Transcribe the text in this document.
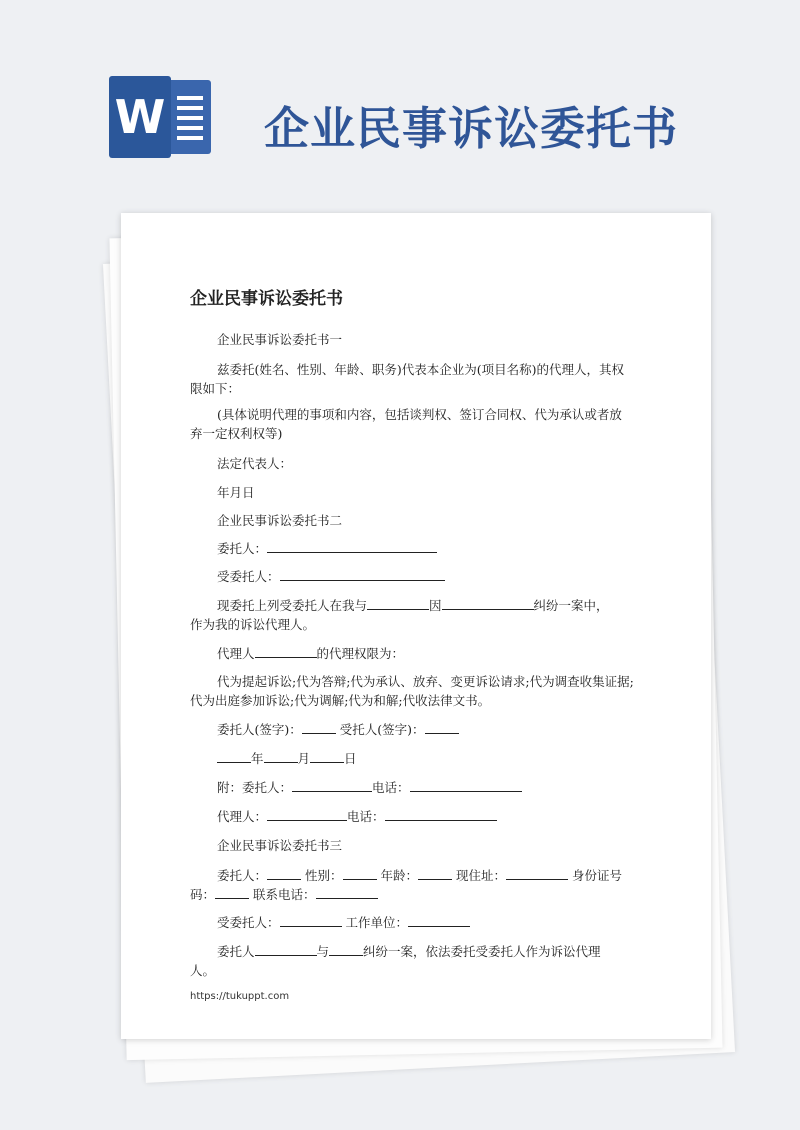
W 企业民事诉讼委托书
企业民事诉讼委托书
企业民事诉讼委托书一
兹委托(姓名、性别、年龄、职务)代表本企业为(项目名称)的代理人，其权
限如下：
(具体说明代理的事项和内容，包括谈判权、签订合同权、代为承认或者放
弃一定权利权等)
法定代表人：
年月日
企业民事诉讼委托书二
委托人：
受委托人：
现委托上列受委托人在我与	因	纠纷一案中，
作为我的诉讼代理人。
代理人	的代理权限为：
代为提起诉讼;代为答辩;代为承认、放弃、变更诉讼请求;代为调查收集证据;
代为出庭参加诉讼;代为调解;代为和解;代收法律文书。
委托人(签字)：	受托人(签字)：
年	月	日
附：委托人：	电话：
代理人：	电话：
企业民事诉讼委托书三
委托人：	性别：	年龄：	现住址：	身份证号
码：	联系电话：
受委托人：	工作单位：
委托人	与	纠纷一案，依法委托受委托人作为诉讼代理
人。
https://tukuppt.com
